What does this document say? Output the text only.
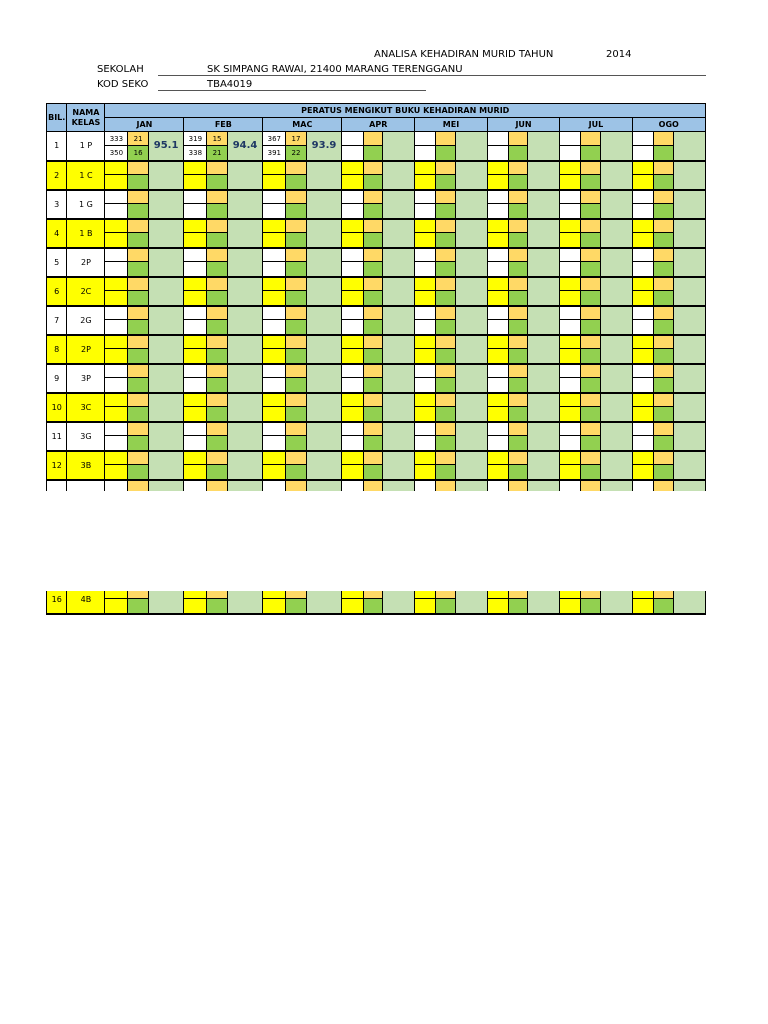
ANALISA KEHADIRAN MURID TAHUN	2014
SEKOLAH	SK SIMPANG RAWAI, 21400 MARANG TERENGGANU
KOD SEKO	TBA4019
BIL.	NAMA KELAS	PERATUS MENGIKUT BUKU KEHADIRAN MURID																							
		JAN			FEB			MAC			APR			MEI			JUN			JUL			OGO		
1	1 P	333	21	95.1	319	15	94.4	367	17	93.9															
		350	16		338	21		391	22																
2	1 C																								

3	1 G																								

4	1 B																								

5	2P																								

6	2C																								

7	2G																								

8	2P																								

9	3P																								

10	3C																								

11	3G																								

12	3B																								

16	4B																								
